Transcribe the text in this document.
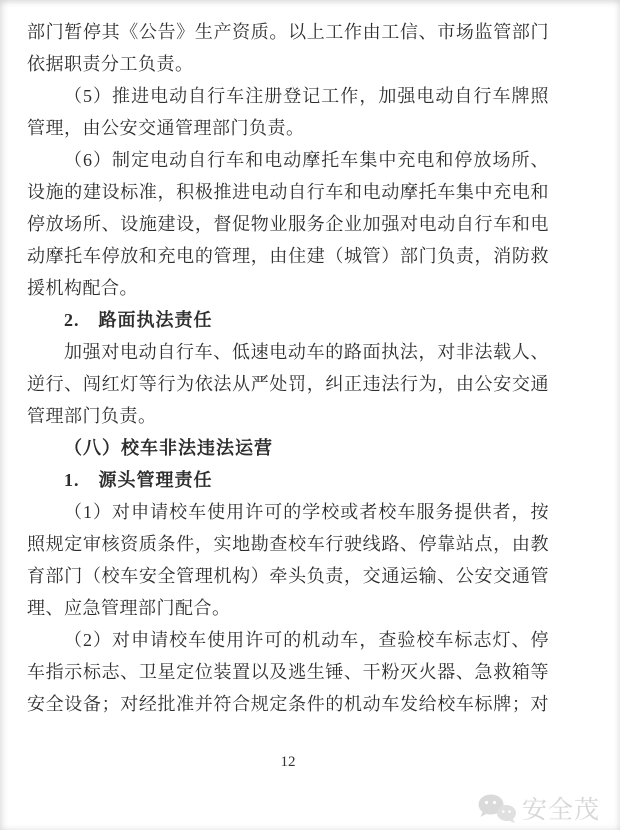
部门暂停其《公告》生产资质。以上工作由工信、市场监管部门
依据职责分工负责。
（5）推进电动自行车注册登记工作，加强电动自行车牌照
管理，由公安交通管理部门负责。
（6）制定电动自行车和电动摩托车集中充电和停放场所、
设施的建设标准，积极推进电动自行车和电动摩托车集中充电和
停放场所、设施建设，督促物业服务企业加强对电动自行车和电
动摩托车停放和充电的管理，由住建（城管）部门负责，消防救
援机构配合。
2.　路面执法责任
加强对电动自行车、低速电动车的路面执法，对非法载人、
逆行、闯红灯等行为依法从严处罚，纠正违法行为，由公安交通
管理部门负责。
（八）校车非法违法运营
1.　源头管理责任
（1）对申请校车使用许可的学校或者校车服务提供者，按
照规定审核资质条件，实地勘查校车行驶线路、停靠站点，由教
育部门（校车安全管理机构）牵头负责，交通运输、公安交通管
理、应急管理部门配合。
（2）对申请校车使用许可的机动车，查验校车标志灯、停
车指示标志、卫星定位装置以及逃生锤、干粉灭火器、急救箱等
安全设备；对经批准并符合规定条件的机动车发给校车标牌；对
12
安全茂
